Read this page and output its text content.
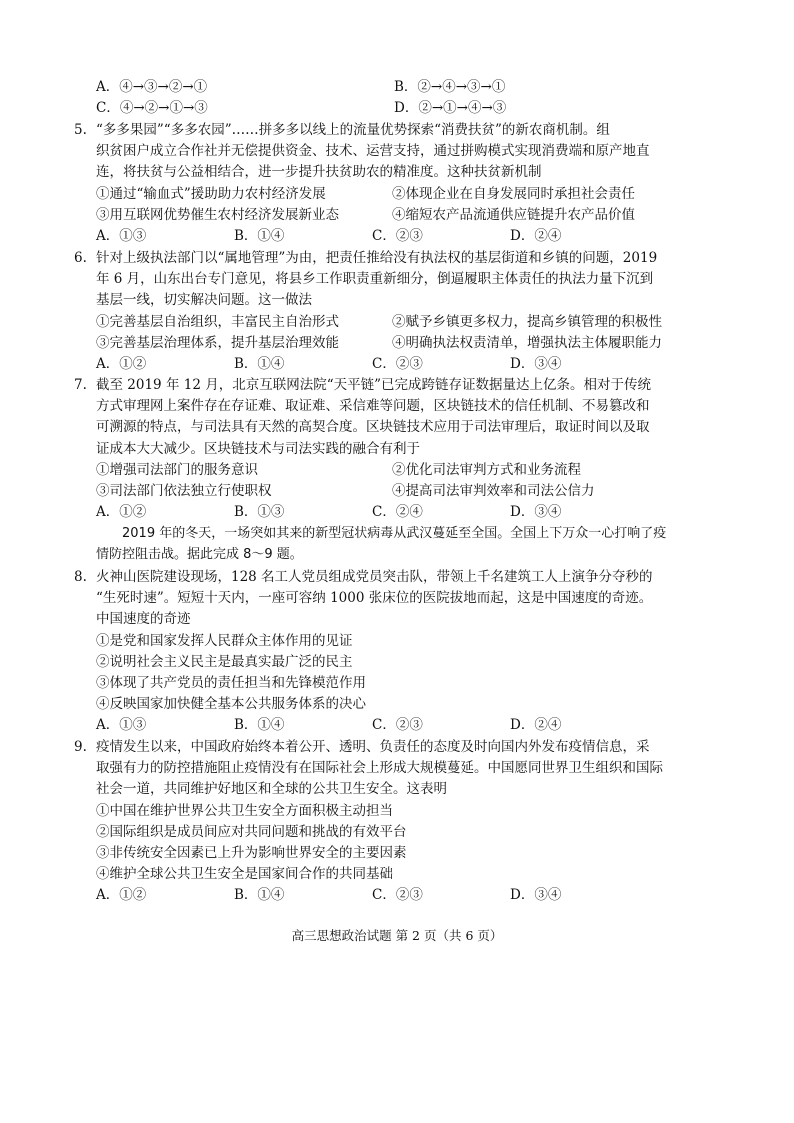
A．④→③→②→①	B．②→④→③→①
C．④→②→①→③	D．②→①→④→③
5. “多多果园”“多多农园”……拼多多以线上的流量优势探索“消费扶贫”的新农商机制。组
织贫困户成立合作社并无偿提供资金、技术、运营支持，通过拼购模式实现消费端和原产地直
连，将扶贫与公益相结合，进一步提升扶贫助农的精准度。这种扶贫新机制
①通过“输血式”援助助力农村经济发展	②体现企业在自身发展同时承担社会责任
③用互联网优势催生农村经济发展新业态	④缩短农产品流通供应链提升农产品价值
A．①③	B．①④	C．②③	D．②④
6. 针对上级执法部门以“属地管理”为由，把责任推给没有执法权的基层街道和乡镇的问题，2019
年 6 月，山东出台专门意见，将县乡工作职责重新细分，倒逼履职主体责任的执法力量下沉到
基层一线，切实解决问题。这一做法
①完善基层自治组织，丰富民主自治形式	②赋予乡镇更多权力，提高乡镇管理的积极性
③完善基层治理体系，提升基层治理效能	④明确执法权责清单，增强执法主体履职能力
A．①②	B．①④	C．②③	D．③④
7. 截至 2019 年 12 月，北京互联网法院“天平链”已完成跨链存证数据量达上亿条。相对于传统
方式审理网上案件存在存证难、取证难、采信难等问题，区块链技术的信任机制、不易篡改和
可溯源的特点，与司法具有天然的高契合度。区块链技术应用于司法审理后，取证时间以及取
证成本大大减少。区块链技术与司法实践的融合有利于
①增强司法部门的服务意识	②优化司法审判方式和业务流程
③司法部门依法独立行使职权	④提高司法审判效率和司法公信力
A．①②	B．①③	C．②④	D．③④
2019 年的冬天，一场突如其来的新型冠状病毒从武汉蔓延至全国。全国上下万众一心打响了疫
情防控阻击战。据此完成 8～9 题。
8. 火神山医院建设现场，128 名工人党员组成党员突击队，带领上千名建筑工人上演争分夺秒的
“生死时速”。短短十天内，一座可容纳 1000 张床位的医院拔地而起，这是中国速度的奇迹。
中国速度的奇迹
①是党和国家发挥人民群众主体作用的见证
②说明社会主义民主是最真实最广泛的民主
③体现了共产党员的责任担当和先锋模范作用
④反映国家加快健全基本公共服务体系的决心
A．①③	B．①④	C．②③	D．②④
9. 疫情发生以来，中国政府始终本着公开、透明、负责任的态度及时向国内外发布疫情信息，采
取强有力的防控措施阻止疫情没有在国际社会上形成大规模蔓延。中国愿同世界卫生组织和国际
社会一道，共同维护好地区和全球的公共卫生安全。这表明
①中国在维护世界公共卫生安全方面积极主动担当
②国际组织是成员间应对共同问题和挑战的有效平台
③非传统安全因素已上升为影响世界安全的主要因素
④维护全球公共卫生安全是国家间合作的共同基础
A．①②	B．①④	C．②③	D．③④
高三思想政治试题 第 2 页（共 6 页）
